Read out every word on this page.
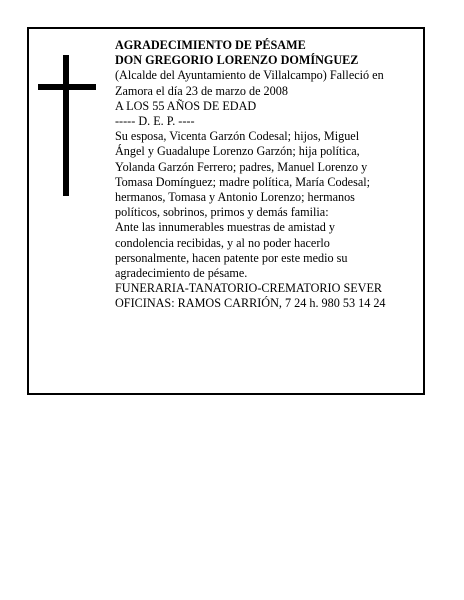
AGRADECIMIENTO DE PÉSAME
DON GREGORIO LORENZO DOMÍNGUEZ
(Alcalde del Ayuntamiento de Villalcampo) Falleció en
Zamora el día 23 de marzo de 2008
A LOS 55 AÑOS DE EDAD
----- D. E. P. ----
Su esposa, Vicenta Garzón Codesal; hijos, Miguel
Ángel y Guadalupe Lorenzo Garzón; hija política,
Yolanda Garzón Ferrero; padres, Manuel Lorenzo y
Tomasa Domínguez; madre política, María Codesal;
hermanos, Tomasa y Antonio Lorenzo; hermanos
políticos, sobrinos, primos y demás familia:
Ante las innumerables muestras de amistad y
condolencia recibidas, y al no poder hacerlo
personalmente, hacen patente por este medio su
agradecimiento de pésame.
FUNERARIA-TANATORIO-CREMATORIO SEVER
OFICINAS: RAMOS CARRIÓN, 7 24 h. 980 53 14 24
